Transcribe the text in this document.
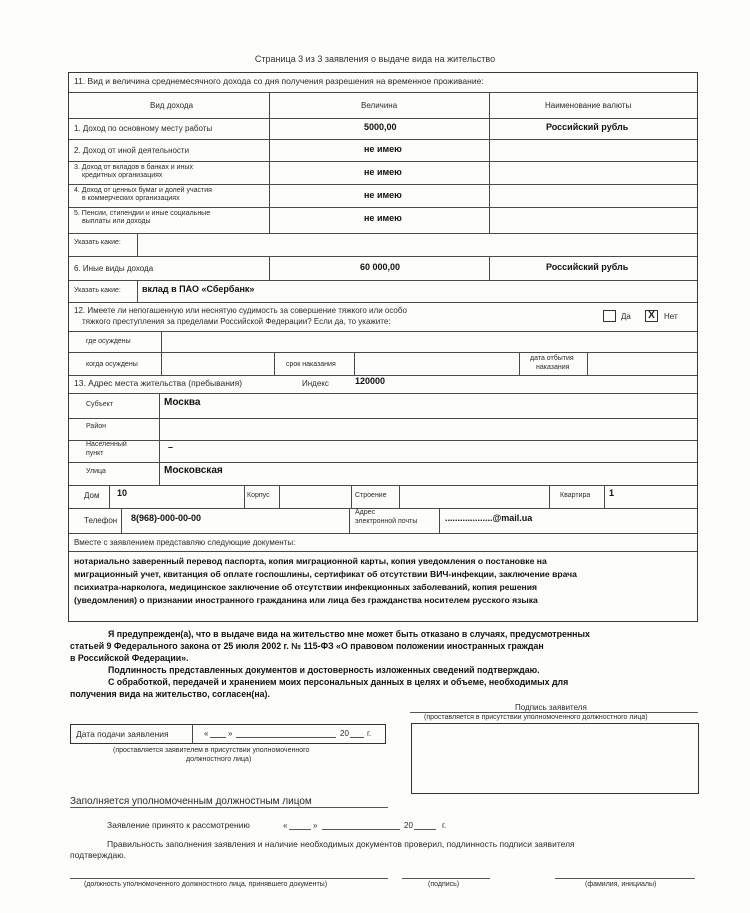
Страница 3 из 3 заявления о выдаче вида на жительство
11. Вид и величина среднемесячного дохода со дня получения разрешения на временное проживание:
Вид дохода	Величина	Наименование валюты
1. Доход по основному месту работы	5000,00	Российский рубль
2. Доход от иной деятельности	не имею
3. Доход от вкладов в банках и иных
кредитных организациях	не имею
4. Доход от ценных бумаг и долей участия
в коммерческих организациях	не имею
5. Пенсии, стипендии и иные социальные
выплаты или доходы	не имею
Указать какие:
6. Иные виды дохода	60 000,00	Российский рубль
Указать какие: вклад в ПАО «Сбербанк»
12. Имеете ли непогашенную или неснятую судимость за совершение тяжкого или особо
тяжкого преступления за пределами Российской Федерации? Если да, то укажите:
Да	X	Нет
где осуждены
когда осуждены	срок наказания
дата отбытия
наказания
13. Адрес места жительства (пребывания)	Индекс	120000
Субъект	Москва
Район
Населенный
пункт
–
Улица	Московская
Дом 10	Корпус	Строение	Квартира 1
Телефон 8(968)-000-00-00
Адрес
электронной почты	...................@mail.ua
Вместе с заявлением представляю следующие документы:
нотариально заверенный перевод паспорта, копия миграционной карты, копия уведомления о постановке на
миграционный учет, квитанция об оплате госпошлины, сертификат об отсутствии ВИЧ-инфекции, заключение врача
психиатра-нарколога, медицинское заключение об отсутствии инфекционных заболеваний, копия решения
(уведомления) о признании иностранного гражданина или лица без гражданства носителем русского языка
Я предупрежден(а), что в выдаче вида на жительство мне может быть отказано в случаях, предусмотренных
статьей 9 Федерального закона от 25 июля 2002 г. № 115-ФЗ «О правовом положении иностранных граждан
в Российской Федерации».
Подлинность представленных документов и достоверность изложенных сведений подтверждаю.
С обработкой, передачей и хранением моих персональных данных в целях и объеме, необходимых для
получения вида на жительство, согласен(на).
Подпись заявителя
(проставляется в присутствии уполномоченного должностного лица)
Дата подачи заявления	« »	20 г.
(проставляется заявителем в присутствии уполномоченного
должностного лица)
Заполняется уполномоченным должностным лицом
Заявление принято к рассмотрению	«	»	20	г.
Правильность заполнения заявления и наличие необходимых документов проверил, подлинность подписи заявителя
подтверждаю.
(должность уполномоченного должностного лица, принявшего документы)	(подпись)	(фамилия, инициалы)
